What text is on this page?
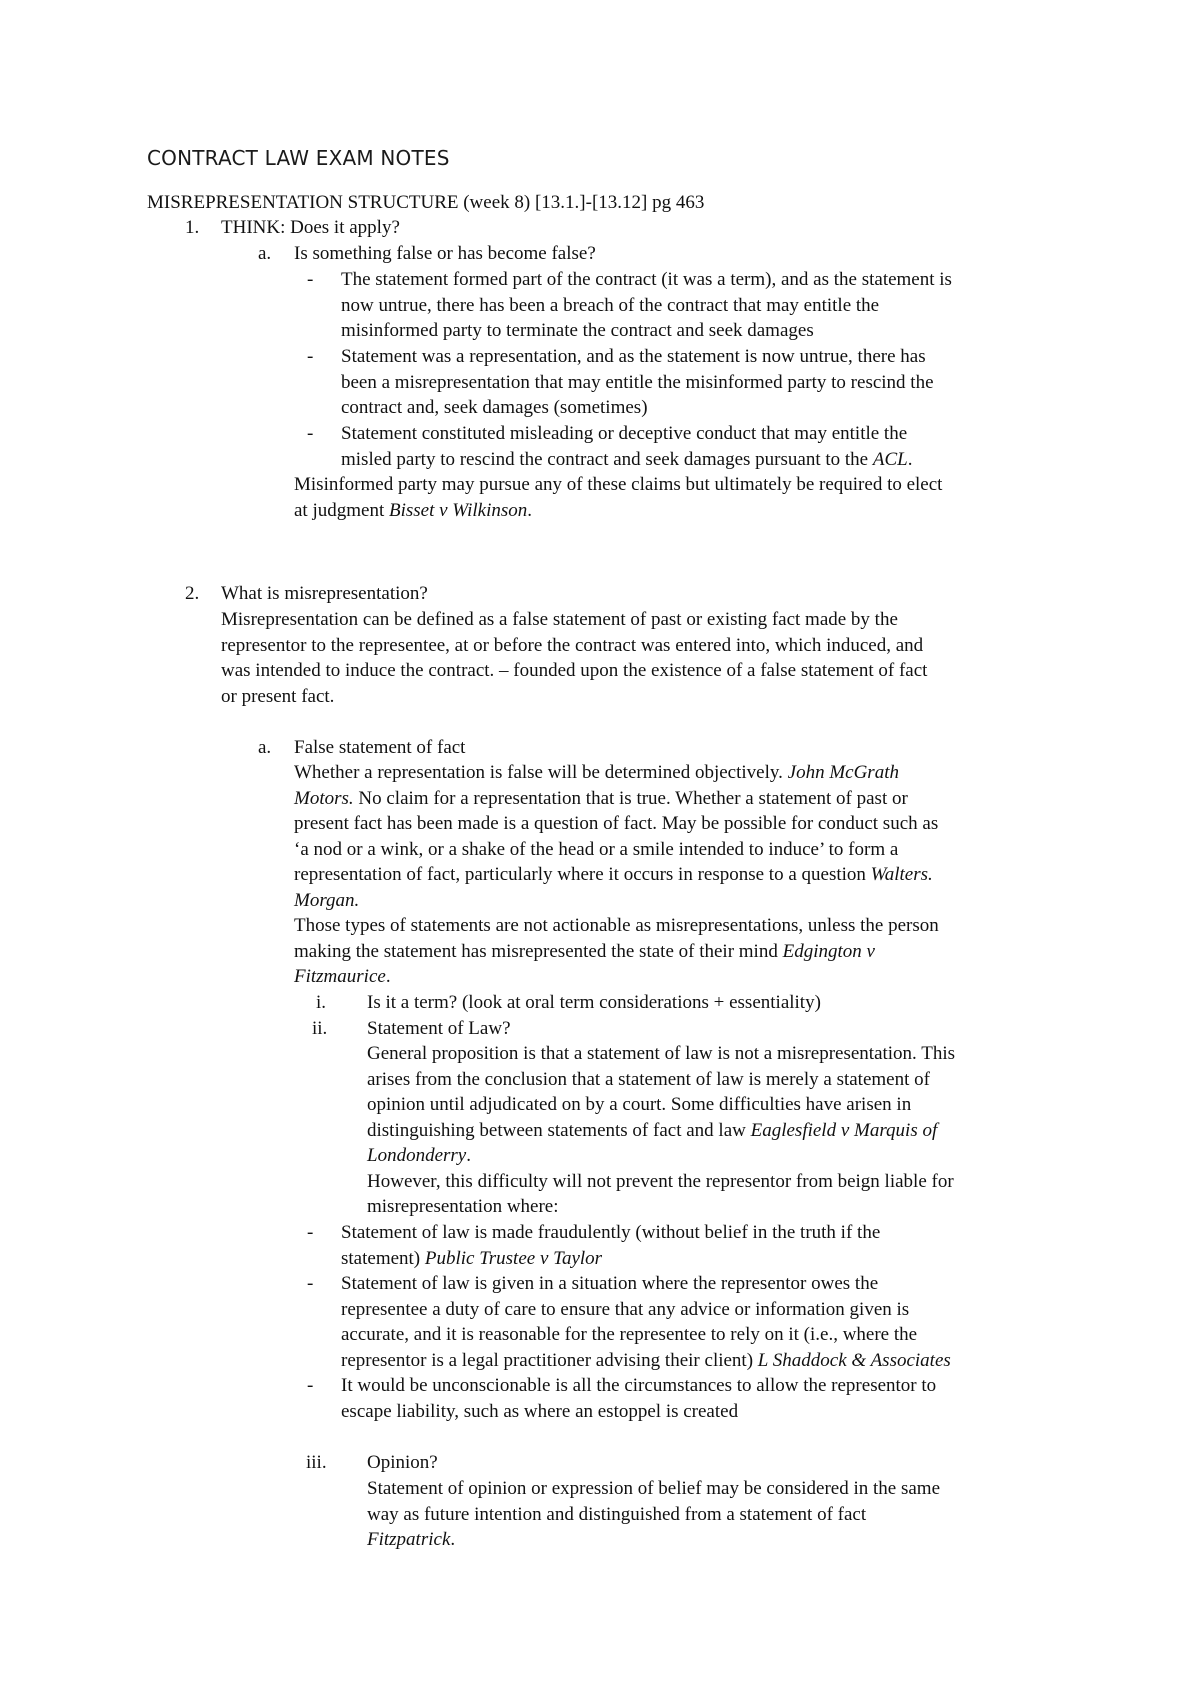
CONTRACT LAW EXAM NOTES
MISREPRESENTATION STRUCTURE (week 8) [13.1.]-[13.12] pg 463
1. THINK: Does it apply?
a. Is something false or has become false?
- The statement formed part of the contract (it was a term), and as the statement is
now untrue, there has been a breach of the contract that may entitle the
misinformed party to terminate the contract and seek damages
- Statement was a representation, and as the statement is now untrue, there has
been a misrepresentation that may entitle the misinformed party to rescind the
contract and, seek damages (sometimes)
- Statement constituted misleading or deceptive conduct that may entitle the
misled party to rescind the contract and seek damages pursuant to the ACL.
Misinformed party may pursue any of these claims but ultimately be required to elect
at judgment Bisset v Wilkinson.
2. What is misrepresentation?
Misrepresentation can be defined as a false statement of past or existing fact made by the
representor to the representee, at or before the contract was entered into, which induced, and
was intended to induce the contract. – founded upon the existence of a false statement of fact
or present fact.
a. False statement of fact
Whether a representation is false will be determined objectively. John McGrath
Motors. No claim for a representation that is true. Whether a statement of past or
present fact has been made is a question of fact. May be possible for conduct such as
‘a nod or a wink, or a shake of the head or a smile intended to induce’ to form a
representation of fact, particularly where it occurs in response to a question Walters.
Morgan.
Those types of statements are not actionable as misrepresentations, unless the person
making the statement has misrepresented the state of their mind Edgington v
Fitzmaurice.
i. Is it a term? (look at oral term considerations + essentiality)
ii. Statement of Law?
General proposition is that a statement of law is not a misrepresentation. This
arises from the conclusion that a statement of law is merely a statement of
opinion until adjudicated on by a court. Some difficulties have arisen in
distinguishing between statements of fact and law Eaglesfield v Marquis of
Londonderry.
However, this difficulty will not prevent the representor from beign liable for
misrepresentation where:
- Statement of law is made fraudulently (without belief in the truth if the
statement) Public Trustee v Taylor
- Statement of law is given in a situation where the representor owes the
representee a duty of care to ensure that any advice or information given is
accurate, and it is reasonable for the representee to rely on it (i.e., where the
representor is a legal practitioner advising their client) L Shaddock & Associates
- It would be unconscionable is all the circumstances to allow the representor to
escape liability, such as where an estoppel is created
iii. Opinion?
Statement of opinion or expression of belief may be considered in the same
way as future intention and distinguished from a statement of fact
Fitzpatrick.
